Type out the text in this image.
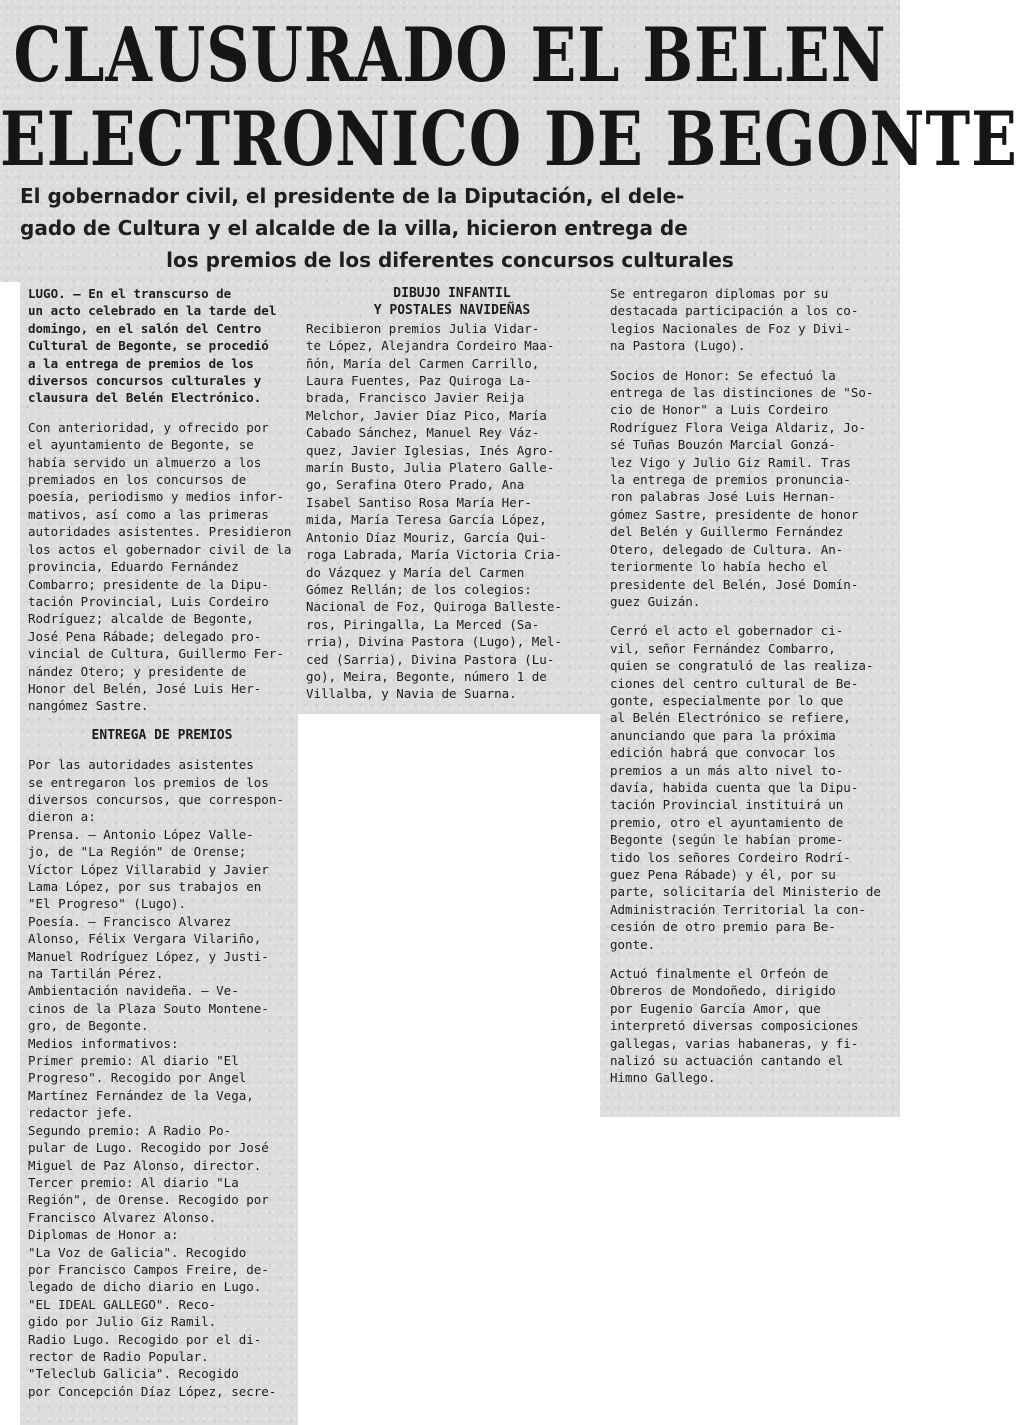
CLAUSURADO EL BELEN
ELECTRONICO DE BEGONTE
El gobernador civil, el presidente de la Diputación, el dele-
gado de Cultura y el alcalde de la villa, hicieron entrega de
los premios de los diferentes concursos culturales

LUGO. — En el transcurso de

un acto celebrado en la tarde del

domingo, en el salón del Centro

Cultural de Begonte, se procedió

a la entrega de premios de los

diversos concursos culturales y

clausura del Belén Electrónico.

Con anterioridad, y ofrecido por

el ayuntamiento de Begonte, se

había servido un almuerzo a los

premiados en los concursos de

poesía, periodismo y medios infor-

mativos, así como a las primeras

autoridades asistentes. Presidieron

los actos el gobernador civil de la

provincia, Eduardo Fernández

Combarro; presidente de la Dipu-

tación Provincial, Luis Cordeiro

Rodríguez; alcalde de Begonte,

José Pena Rábade; delegado pro-

vincial de Cultura, Guillermo Fer-

nández Otero; y presidente de

Honor del Belén, José Luis Her-

nangómez Sastre.

ENTREGA DE PREMIOS

Por las autoridades asistentes

se entregaron los premios de los

diversos concursos, que correspon-

dieron a:

Prensa. — Antonio López Valle-

jo, de "La Región" de Orense;

Víctor López Villarabid y Javier

Lama López, por sus trabajos en

"El Progreso" (Lugo).

Poesía. — Francisco Alvarez

Alonso, Félix Vergara Vilariño,

Manuel Rodríguez López, y Justi-

na Tartilán Pérez.

Ambientación navideña. — Ve-

cinos de la Plaza Souto Montene-

gro, de Begonte.

Medios informativos:

Primer premio: Al diario "El

Progreso". Recogido por Angel

Martínez Fernández de la Vega,

redactor jefe.

Segundo premio: A Radio Po-

pular de Lugo. Recogido por José

Miguel de Paz Alonso, director.

Tercer premio: Al diario "La

Región", de Orense. Recogido por

Francisco Alvarez Alonso.

Diplomas de Honor a:

"La Voz de Galicia". Recogido

por Francisco Campos Freire, de-

legado de dicho diario en Lugo.

"EL IDEAL GALLEGO". Reco-

gido por Julio Giz Ramil.

Radio Lugo. Recogido por el di-

rector de Radio Popular.

"Teleclub Galicia". Recogido

por Concepción Díaz López, secre-

DIBUJO INFANTIL

Y POSTALES NAVIDEÑAS

Recibieron premios Julia Vidar-

te López, Alejandra Cordeiro Maa-

ñón, María del Carmen Carrillo,

Laura Fuentes, Paz Quiroga La-

brada, Francisco Javier Reija

Melchor, Javier Díaz Pico, María

Cabado Sánchez, Manuel Rey Váz-

quez, Javier Iglesias, Inés Agro-

marín Busto, Julia Platero Galle-

go, Serafina Otero Prado, Ana

Isabel Santiso Rosa María Her-

mida, María Teresa García López,

Antonio Díaz Mouriz, García Qui-

roga Labrada, María Victoria Cria-

do Vázquez y María del Carmen

Gómez Rellán; de los colegios:

Nacional de Foz, Quiroga Balleste-

ros, Piringalla, La Merced (Sa-

rria), Divina Pastora (Lugo), Mel-

ced (Sarria), Divina Pastora (Lu-

go), Meira, Begonte, número 1 de

Villalba, y Navia de Suarna.

Se entregaron diplomas por su

destacada participación a los co-

legios Nacionales de Foz y Divi-

na Pastora (Lugo).

Socios de Honor: Se efectuó la

entrega de las distinciones de "So-

cio de Honor" a Luis Cordeiro

Rodríguez Flora Veiga Aldariz, Jo-

sé Tuñas Bouzón Marcial Gonzá-

lez Vigo y Julio Giz Ramil. Tras

la entrega de premios pronuncia-

ron palabras José Luis Hernan-

gómez Sastre, presidente de honor

del Belén y Guillermo Fernández

Otero, delegado de Cultura. An-

teriormente lo había hecho el

presidente del Belén, José Domín-

guez Guizán.

Cerró el acto el gobernador ci-

vil, señor Fernández Combarro,

quien se congratuló de las realiza-

ciones del centro cultural de Be-

gonte, especialmente por lo que

al Belén Electrónico se refiere,

anunciando que para la próxima

edición habrá que convocar los

premios a un más alto nivel to-

davía, habida cuenta que la Dipu-

tación Provincial instituirá un

premio, otro el ayuntamiento de

Begonte (según le habían prome-

tido los señores Cordeiro Rodrí-

guez Pena Rábade) y él, por su

parte, solicitaría del Ministerio de

Administración Territorial la con-

cesión de otro premio para Be-

gonte.

Actuó finalmente el Orfeón de

Obreros de Mondoñedo, dirigido

por Eugenio García Amor, que

interpretó diversas composiciones

gallegas, varias habaneras, y fi-

nalizó su actuación cantando el

Himno Gallego.
